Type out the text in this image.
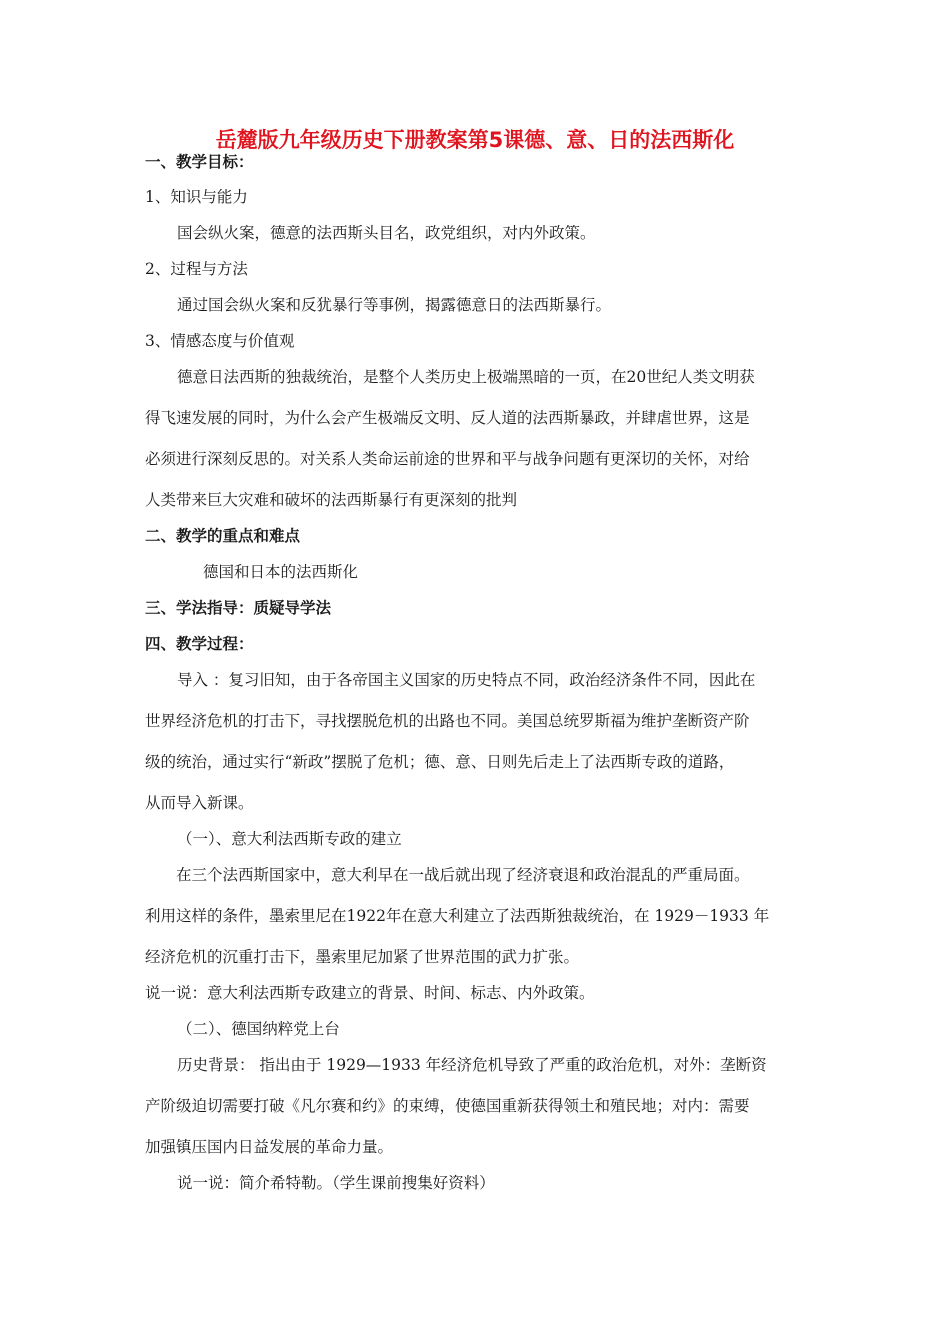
岳麓版九年级历史下册教案第5课德、意、日的法西斯化
一、教学目标：
1、知识与能力
国会纵火案，德意的法西斯头目名，政党组织，对内外政策。
2、过程与方法
通过国会纵火案和反犹暴行等事例，揭露德意日的法西斯暴行。
3、情感态度与价值观
德意日法西斯的独裁统治，是整个人类历史上极端黑暗的一页，在20世纪人类文明获
得飞速发展的同时，为什么会产生极端反文明、反人道的法西斯暴政，并肆虐世界，这是
必须进行深刻反思的。对关系人类命运前途的世界和平与战争问题有更深切的关怀，对给
人类带来巨大灾难和破坏的法西斯暴行有更深刻的批判
二、教学的重点和难点
德国和日本的法西斯化
三、学法指导：质疑导学法
四、教学过程：
导入 ：复习旧知，由于各帝国主义国家的历史特点不同，政治经济条件不同，因此在
世界经济危机的打击下，寻找摆脱危机的出路也不同。美国总统罗斯福为维护垄断资产阶
级的统治，通过实行“新政”摆脱了危机；德、意、日则先后走上了法西斯专政的道路，
从而导入新课。
（一）、意大利法西斯专政的建立
在三个法西斯国家中，意大利早在一战后就出现了经济衰退和政治混乱的严重局面。
利用这样的条件，墨索里尼在1922年在意大利建立了法西斯独裁统治，在 1929－1933 年
经济危机的沉重打击下，墨索里尼加紧了世界范围的武力扩张。
说一说：意大利法西斯专政建立的背景、时间、标志、内外政策。
（二）、德国纳粹党上台
历史背景： 指出由于 1929—1933 年经济危机导致了严重的政治危机，对外：垄断资
产阶级迫切需要打破《凡尔赛和约》的束缚，使德国重新获得领土和殖民地；对内：需要
加强镇压国内日益发展的革命力量。
说一说：简介希特勒。（学生课前搜集好资料）
